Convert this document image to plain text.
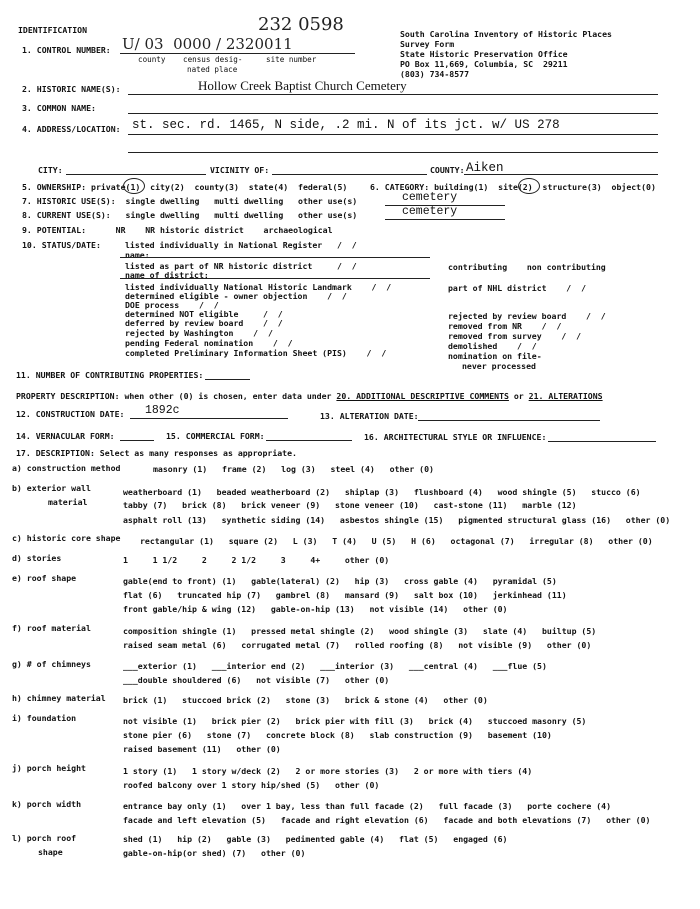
IDENTIFICATION	232 0598	South Carolina Inventory of Historic Places
Survey Form
State Historic Preservation Office
PO Box 11,669, Columbia, SC  29211
(803) 734-8577
1. CONTROL NUMBER: U/ 03  0000 / 2320011
county census desig-
nated place
site number
2. HISTORIC NAME(S):	Hollow Creek Baptist Church Cemetery
3. COMMON NAME:
4. ADDRESS/LOCATION: st. sec. rd. 1465, N side, .2 mi. N of its jct. w/ US 278
CITY:	VICINITY OF:	COUNTY: Aiken
5. OWNERSHIP: private(1)  city(2)  county(3)  state(4)  federal(5)	6. CATEGORY: building(1)  site(2)  structure(3)  object(0)
7. HISTORIC USE(S):  single dwelling   multi dwelling   other use(s)	cemetery
8. CURRENT USE(S):   single dwelling   multi dwelling   other use(s)	cemetery
9. POTENTIAL:      NR    NR historic district    archaeological
10. STATUS/DATE:	listed individually in National Register   /  /
name:
listed as part of NR historic district     /  /
name of district:
listed individually National Historic Landmark    /  /
determined eligible - owner objection    /  /
DOE process    /  /
determined NOT eligible     /  /
deferred by review board    /  /
rejected by Washington    /  /
pending Federal nomination    /  /
completed Preliminary Information Sheet (PIS)    /  /
contributing    non contributing
part of NHL district    /  /
rejected by review board    /  /
removed from NR    /  /
removed from survey    /  /
demolished    /  /
nomination on file-
never processed
11. NUMBER OF CONTRIBUTING PROPERTIES:
PROPERTY DESCRIPTION: when other (0) is chosen, enter data under 20. ADDITIONAL DESCRIPTIVE COMMENTS or 21. ALTERATIONS
12. CONSTRUCTION DATE: 1892c	13. ALTERATION DATE:
14. VERNACULAR FORM:	15. COMMERCIAL FORM:	16. ARCHITECTURAL STYLE OR INFLUENCE:
17. DESCRIPTION: Select as many responses as appropriate.
a) construction method	masonry (1)   frame (2)   log (3)   steel (4)   other (0)
b) exterior wall
material
weatherboard (1)   beaded weatherboard (2)   shiplap (3)   flushboard (4)   wood shingle (5)   stucco (6)
tabby (7)   brick (8)   brick veneer (9)   stone veneer (10)   cast-stone (11)   marble (12)
asphalt roll (13)   synthetic siding (14)   asbestos shingle (15)   pigmented structural glass (16)   other (0)
c) historic core shape rectangular (1)   square (2)   L (3)   T (4)   U (5)   H (6)   octagonal (7)   irregular (8)   other (0)
d) stories	1     1 1/2     2     2 1/2     3     4+     other (0)
e) roof shape	gable(end to front) (1)   gable(lateral) (2)   hip (3)   cross gable (4)   pyramidal (5)
flat (6)   truncated hip (7)   gambrel (8)   mansard (9)   salt box (10)   jerkinhead (11)
front gable/hip & wing (12)   gable-on-hip (13)   not visible (14)   other (0)
f) roof material	composition shingle (1)   pressed metal shingle (2)   wood shingle (3)   slate (4)   builtup (5)
raised seam metal (6)   corrugated metal (7)   rolled roofing (8)   not visible (9)   other (0)
g) # of chimneys	___exterior (1)   ___interior end (2)   ___interior (3)   ___central (4)   ___flue (5)
___double shouldered (6)   not visible (7)   other (0)
h) chimney material brick (1)   stuccoed brick (2)   stone (3)   brick & stone (4)   other (0)
i) foundation	not visible (1)   brick pier (2)   brick pier with fill (3)   brick (4)   stuccoed masonry (5)
stone pier (6)   stone (7)   concrete block (8)   slab construction (9)   basement (10)
raised basement (11)   other (0)
j) porch height	1 story (1)   1 story w/deck (2)   2 or more stories (3)   2 or more with tiers (4)
roofed balcony over 1 story hip/shed (5)   other (0)
k) porch width	entrance bay only (1)   over 1 bay, less than full facade (2)   full facade (3)   porte cochere (4)
facade and left elevation (5)   facade and right elevation (6)   facade and both elevations (7)   other (0)
l) porch roof
shape
shed (1)   hip (2)   gable (3)   pedimented gable (4)   flat (5)   engaged (6)
gable-on-hip(or shed) (7)   other (0)
